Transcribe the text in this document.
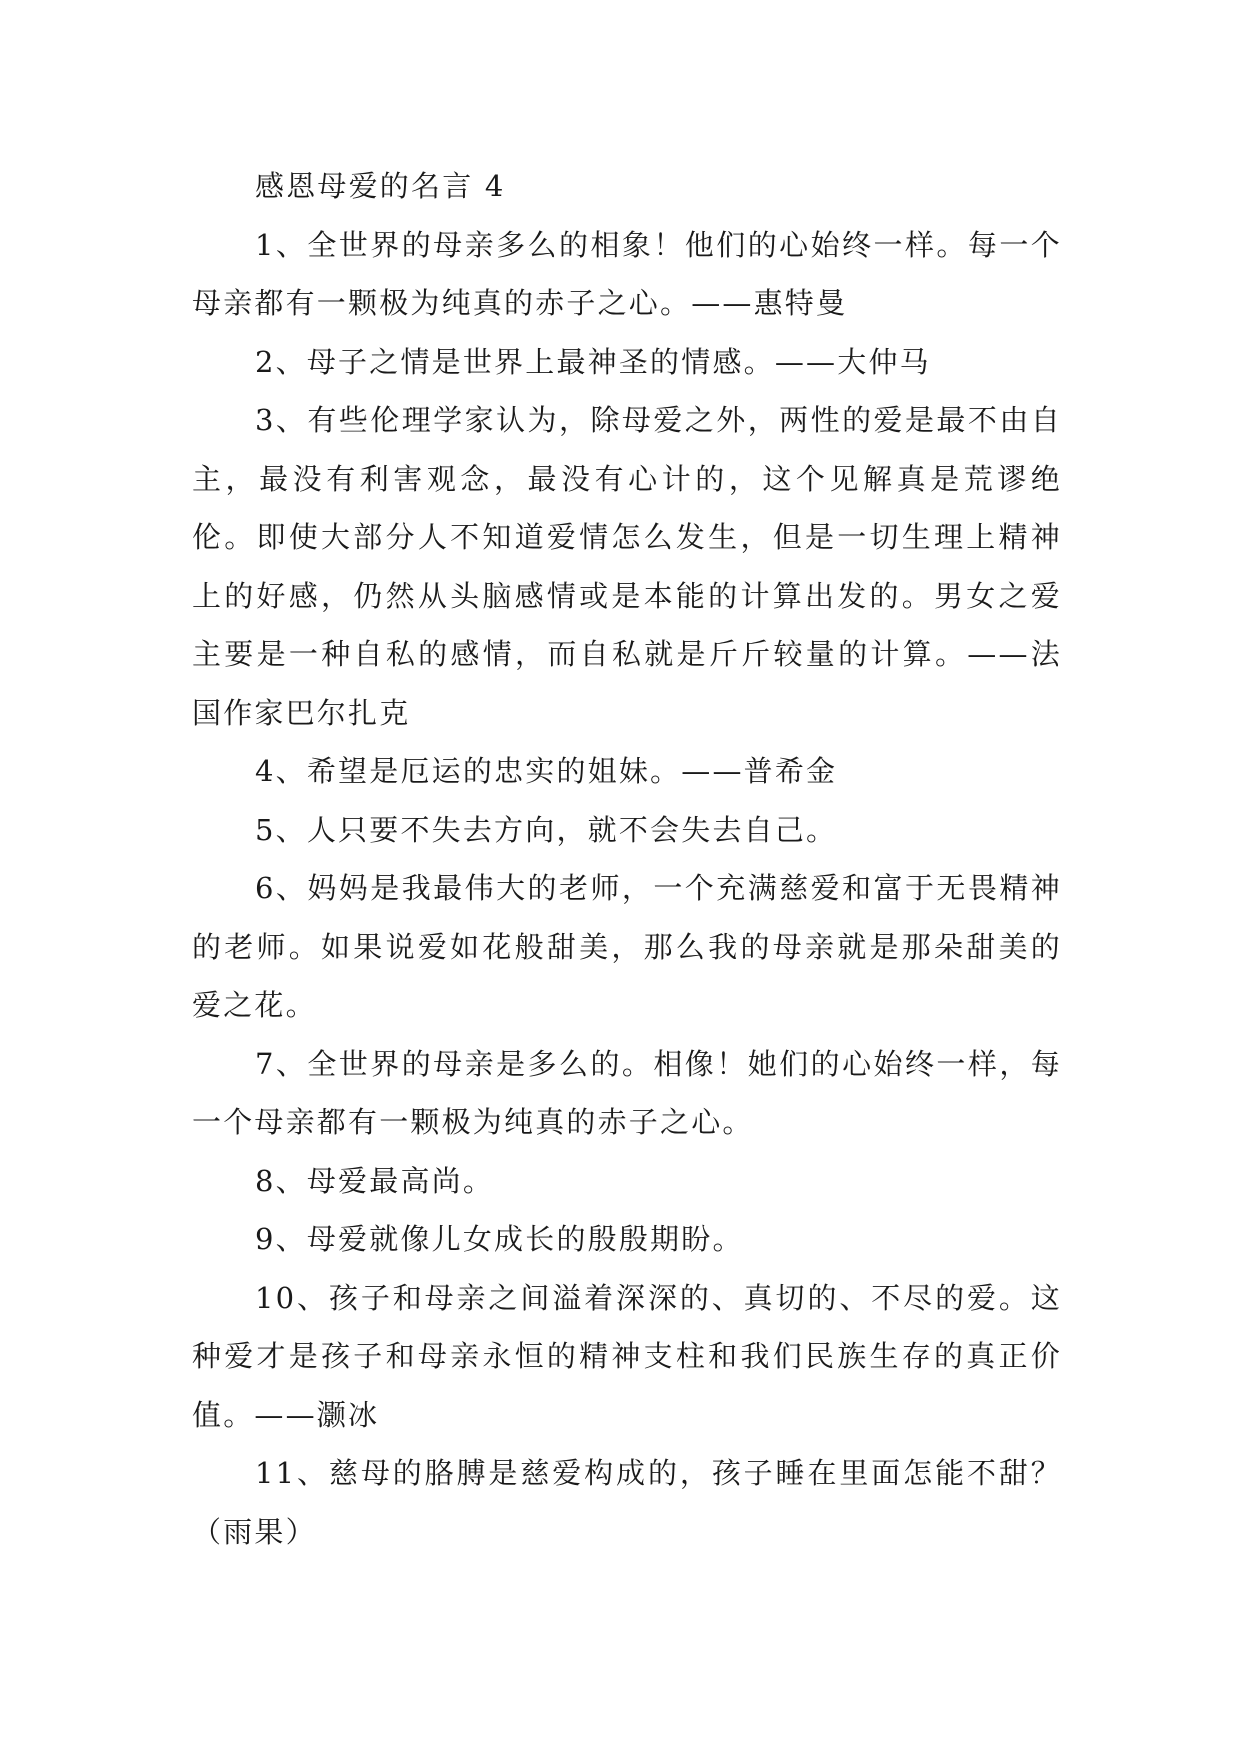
感恩母爱的名言 4

1、全世界的母亲多么的相象！他们的心始终一样。每一个母亲都有一颗极为纯真的赤子之心。——惠特曼

2、母子之情是世界上最神圣的情感。——大仲马

3、有些伦理学家认为，除母爱之外，两性的爱是最不由自主，最没有利害观念，最没有心计的，这个见解真是荒谬绝伦。即使大部分人不知道爱情怎么发生，但是一切生理上精神上的好感，仍然从头脑感情或是本能的计算出发的。男女之爱主要是一种自私的感情，而自私就是斤斤较量的计算。——法国作家巴尔扎克

4、希望是厄运的忠实的姐妹。——普希金

5、人只要不失去方向，就不会失去自己。

6、妈妈是我最伟大的老师，一个充满慈爱和富于无畏精神的老师。如果说爱如花般甜美，那么我的母亲就是那朵甜美的爱之花。

7、全世界的母亲是多么的。相像！她们的心始终一样，每一个母亲都有一颗极为纯真的赤子之心。

8、母爱最高尚。

9、母爱就像儿女成长的殷殷期盼。

10、孩子和母亲之间溢着深深的、真切的、不尽的爱。这种爱才是孩子和母亲永恒的精神支柱和我们民族生存的真正价值。——灏冰

11、慈母的胳膊是慈爱构成的，孩子睡在里面怎能不甜？（雨果）
